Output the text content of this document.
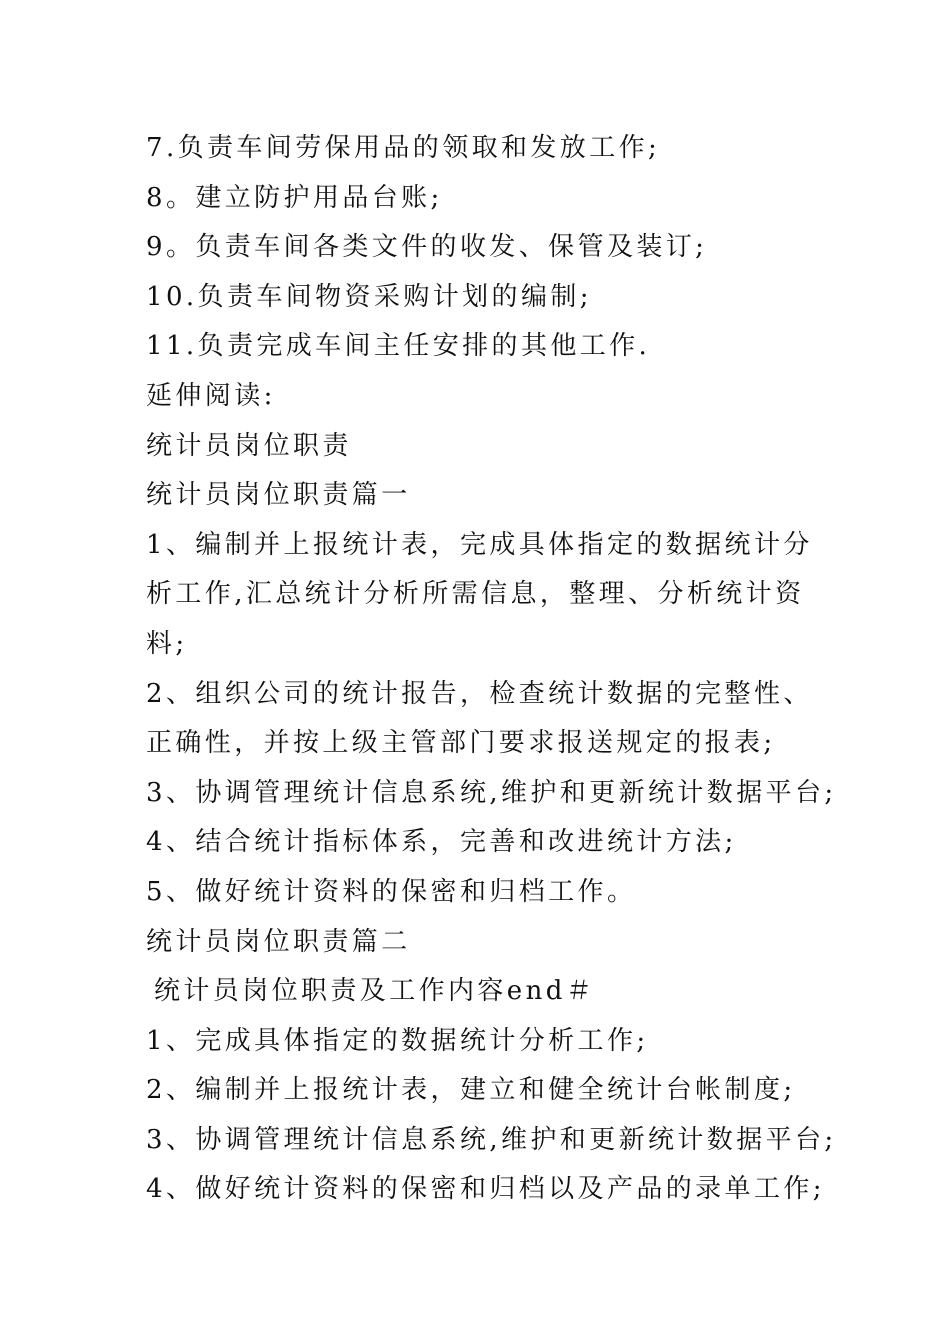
7.负责车间劳保用品的领取和发放工作;
8。建立防护用品台账;
9。负责车间各类文件的收发、保管及装订;
10.负责车间物资采购计划的编制;
11.负责完成车间主任安排的其他工作.
延伸阅读:
统计员岗位职责
统计员岗位职责篇一
1、编制并上报统计表，完成具体指定的数据统计分
析工作,汇总统计分析所需信息，整理、分析统计资
料;
2、组织公司的统计报告，检查统计数据的完整性、
正确性，并按上级主管部门要求报送规定的报表;
3、协调管理统计信息系统,维护和更新统计数据平台;
4、结合统计指标体系，完善和改进统计方法;
5、做好统计资料的保密和归档工作。
统计员岗位职责篇二
统计员岗位职责及工作内容end＃
1、完成具体指定的数据统计分析工作;
2、编制并上报统计表，建立和健全统计台帐制度;
3、协调管理统计信息系统,维护和更新统计数据平台;
4、做好统计资料的保密和归档以及产品的录单工作;
